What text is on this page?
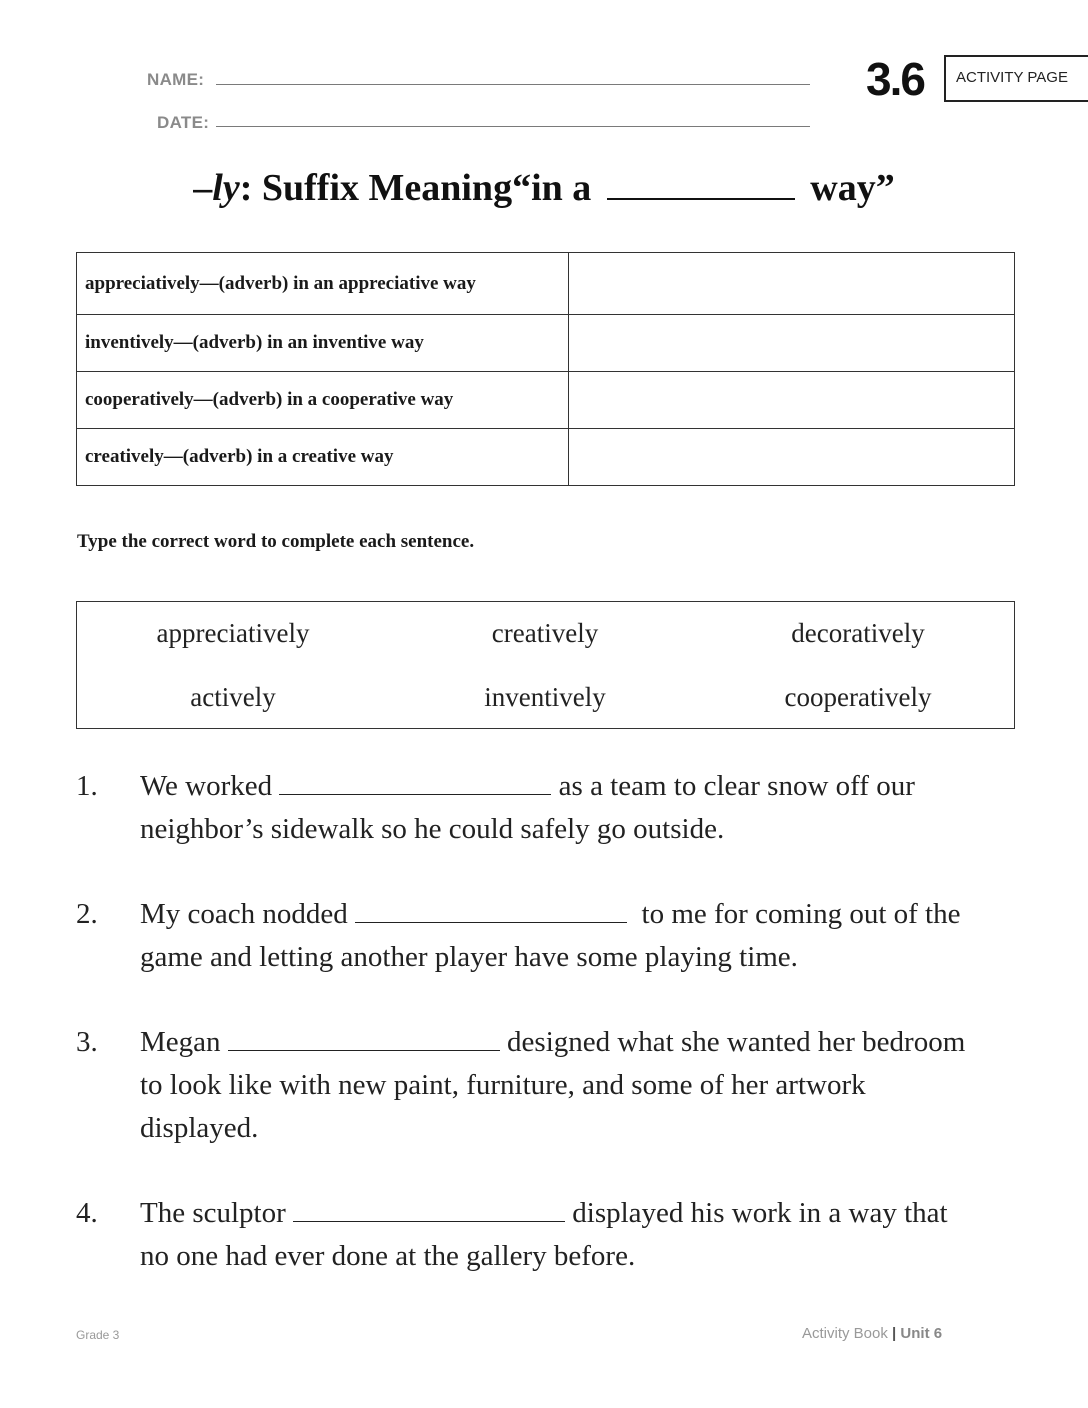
NAME:
DATE:
3.6	ACTIVITY PAGE
–ly: Suffix Meaning“in a	way”
appreciatively—(adverb) in an appreciative way	
inventively—(adverb) in an inventive way	
cooperatively—(adverb) in a cooperative way	
creatively—(adverb) in a creative way	
Type the correct word to complete each sentence.
appreciatively	creatively	decoratively
actively	inventively	cooperatively
1. We worked	as a team to clear snow off our
neighbor’s sidewalk so he could safely go outside.
2. My coach nodded	to me for coming out of the
game and letting another player have some playing time.
3. Megan	designed what she wanted her bedroom
to look like with new paint, furniture, and some of her artwork
displayed.
4. The sculptor	displayed his work in a way that
no one had ever done at the gallery before.
Grade 3	Activity Book | Unit 6
